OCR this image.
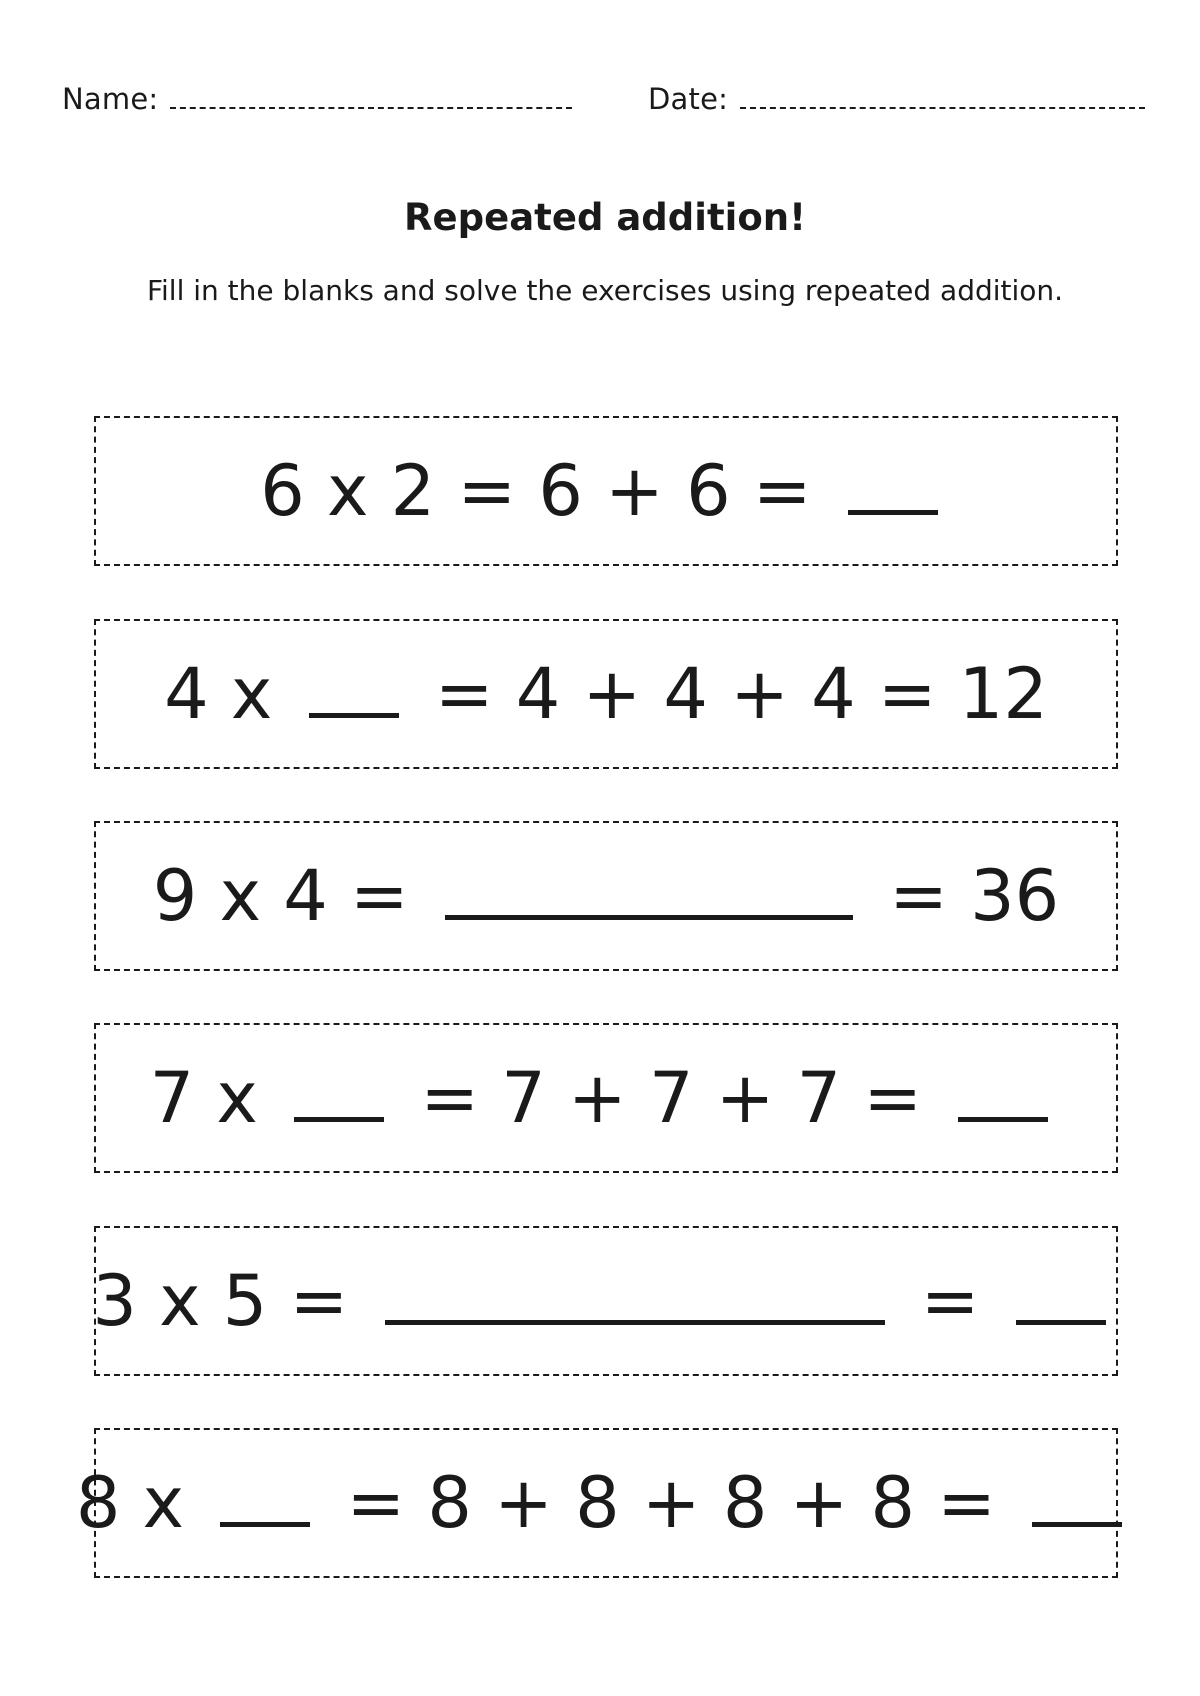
Name:	Date:
Repeated addition!
Fill in the blanks and solve the exercises using repeated addition.
6 x 2 = 6 + 6 =
4 x = 4 + 4 + 4 = 12
9 x 4 =	= 36
7 x = 7 + 7 + 7 =
3 x 5 =	=
8 x = 8 + 8 + 8 + 8 =
